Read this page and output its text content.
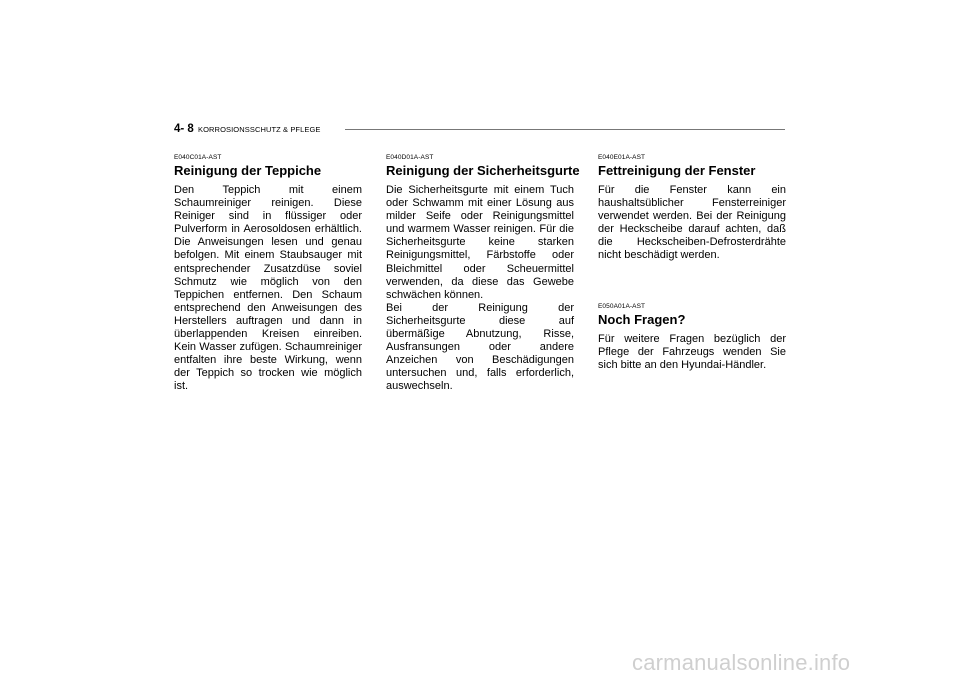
4- 8 KORROSIONSSCHUTZ & PFLEGE
E040C01A-AST
Reinigung der Teppiche

Den Teppich mit einem Schaumreiniger reinigen. Diese Reiniger sind in flüssiger oder Pulverform in Aerosoldosen erhältlich. Die Anweisungen lesen und genau befolgen. Mit einem Staubsauger mit entsprechender Zusatzdüse soviel Schmutz wie möglich von den Teppichen entfernen. Den Schaum entsprechend den Anweisungen des Herstellers auftragen und dann in überlappenden Kreisen einreiben. Kein Wasser zufügen. Schaumreiniger entfalten ihre beste Wirkung, wenn der Teppich so trocken wie möglich ist.

E040D01A-AST
Reinigung der Sicherheitsgurte

Die Sicherheitsgurte mit einem Tuch oder Schwamm mit einer Lösung aus milder Seife oder Reinigungsmittel und warmem Wasser reinigen. Für die Sicherheitsgurte keine starken Reinigungsmittel, Färbstoffe oder Bleichmittel oder Scheuermittel verwenden, da diese das Gewebe schwächen können.

Bei der Reinigung der Sicherheitsgurte diese auf übermäßige Abnutzung, Risse, Ausfransungen oder andere Anzeichen von Beschädigungen untersuchen und, falls erforderlich, auswechseln.

E040E01A-AST
Fettreinigung der Fenster

Für die Fenster kann ein haushaltsüblicher Fensterreiniger verwendet werden. Bei der Reinigung der Heckscheibe darauf achten, daß die Heckscheiben-Defrosterdrähte nicht beschädigt werden.

E050A01A-AST
Noch Fragen?

Für weitere Fragen bezüglich der Pflege der Fahrzeugs wenden Sie sich bitte an den Hyundai-Händler.

carmanualsonline.info
